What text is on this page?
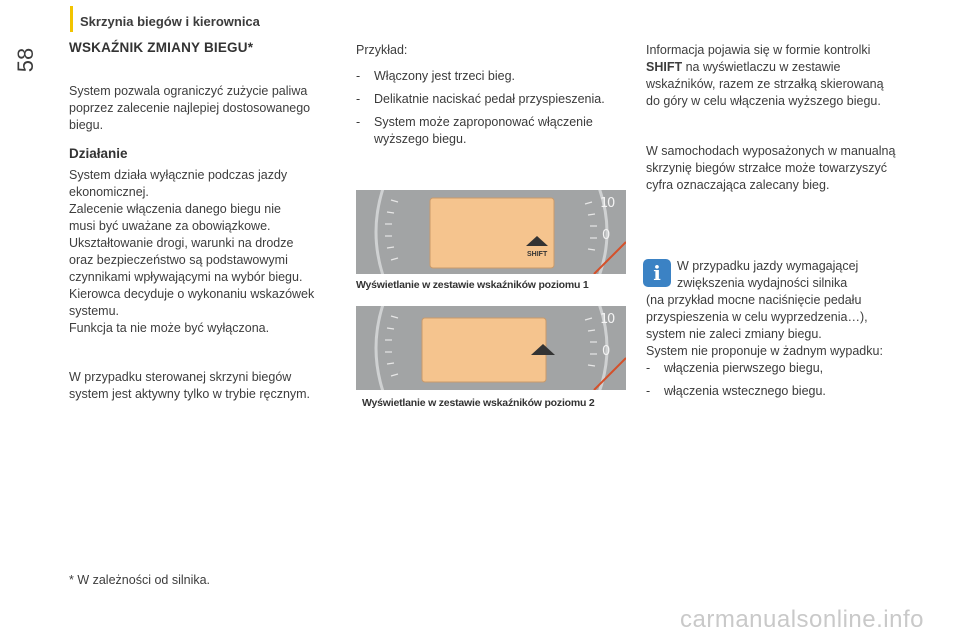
Skrzynia biegów i kierownica
58
WSKAŹNIK ZMIANY BIEGU*
System pozwala ograniczyć zużycie paliwa
poprzez zalecenie najlepiej dostosowanego
biegu.
Działanie
System działa wyłącznie podczas jazdy
ekonomicznej.
Zalecenie włączenia danego biegu nie
musi być uważane za obowiązkowe.
Ukształtowanie drogi, warunki na drodze
oraz bezpieczeństwo są podstawowymi
czynnikami wpływającymi na wybór biegu.
Kierowca decyduje o wykonaniu wskazówek
systemu.
Funkcja ta nie może być wyłączona.
W przypadku sterowanej skrzyni biegów
system jest aktywny tylko w trybie ręcznym.
* W zależności od silnika.
Przykład:
- Włączony jest trzeci bieg.
- Delikatnie naciskać pedał przyspieszenia.
- System może zaproponować włączenie wyższego biegu.
SHIFT
1
0
0
Wyświetlanie w zestawie wskaźników poziomu 1
1
0
0
Wyświetlanie w zestawie wskaźników poziomu 2
Informacja pojawia się w formie kontrolki
SHIFT na wyświetlaczu w zestawie
wskaźników, razem ze strzałką skierowaną
do góry w celu włączenia wyższego biegu.
W samochodach wyposażonych w manualną
skrzynię biegów strzałce może towarzyszyć
cyfra oznaczająca zalecany bieg.
i	W przypadku jazdy wymagającej
zwiększenia wydajności silnika
(na przykład mocne naciśnięcie pedału
przyspieszenia w celu wyprzedzenia…),
system nie zaleci zmiany biegu.
System nie proponuje w żadnym wypadku:
- włączenia pierwszego biegu,
- włączenia wstecznego biegu.
carmanualsonline.info
